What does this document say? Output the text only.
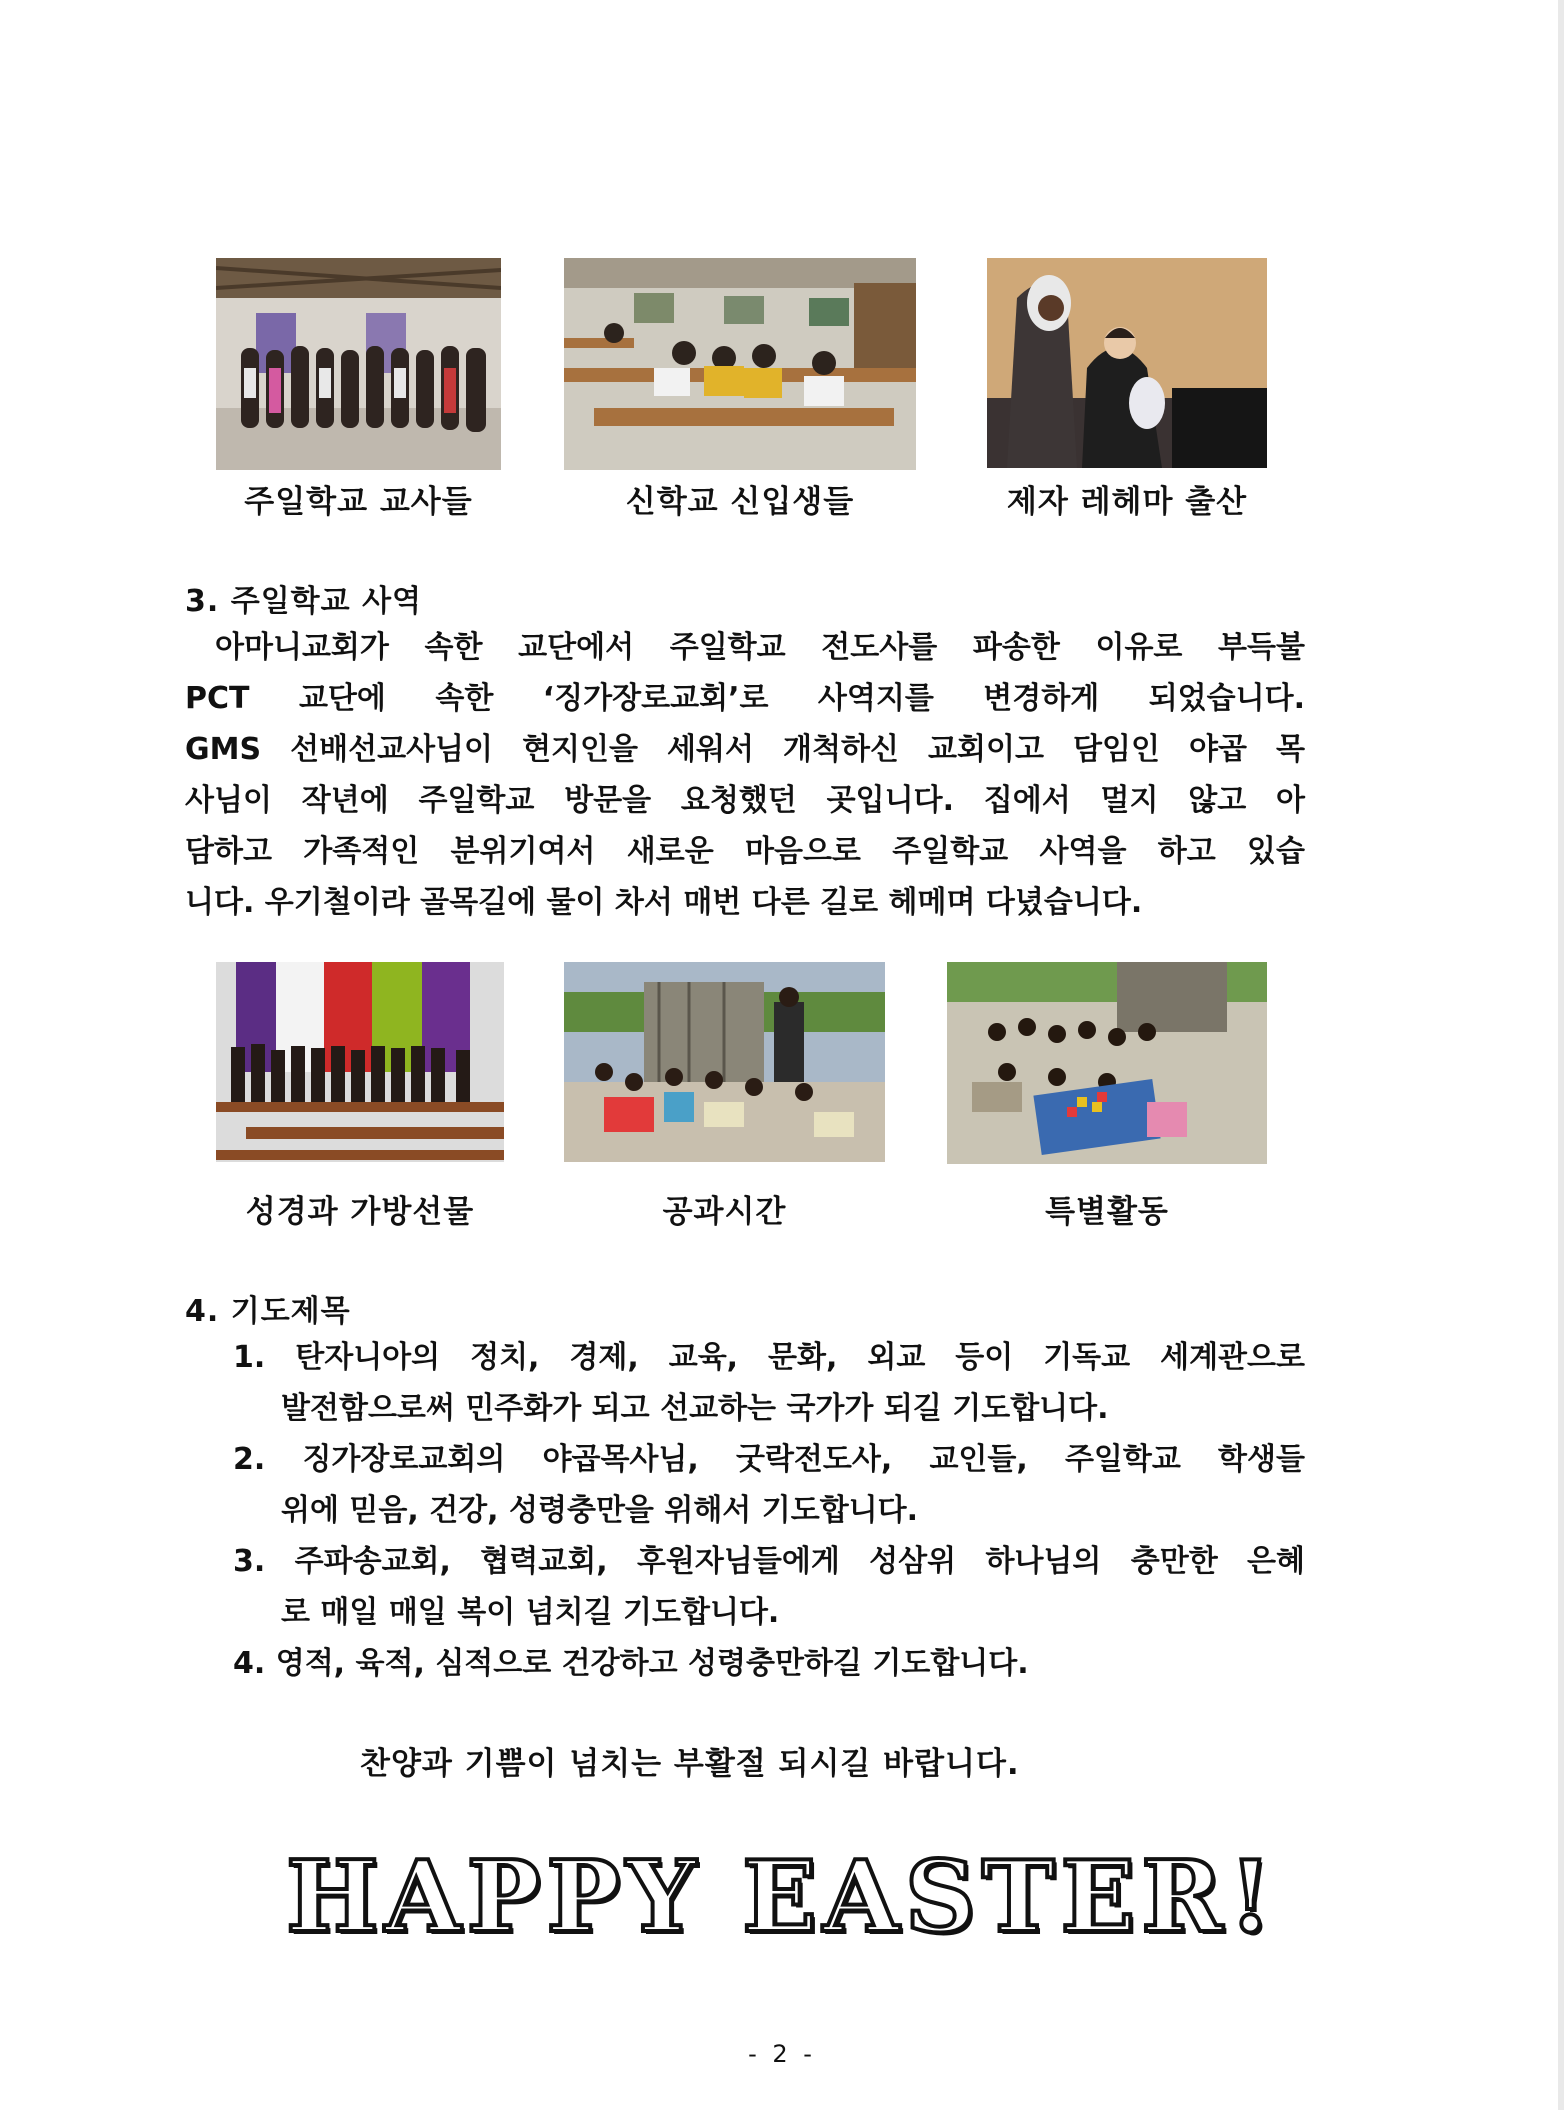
주일학교 교사들	신학교 신입생들	제자 레헤마 출산
3. 주일학교 사역
아마니교회가 속한 교단에서 주일학교 전도사를 파송한 이유로 부득불
PCT 교단에 속한 ‘징가장로교회’로 사역지를 변경하게 되었습니다.
GMS 선배선교사님이 현지인을 세워서 개척하신 교회이고 담임인 야곱 목
사님이 작년에 주일학교 방문을 요청했던 곳입니다. 집에서 멀지 않고 아
담하고 가족적인 분위기여서 새로운 마음으로 주일학교 사역을 하고 있습
니다. 우기철이라 골목길에 물이 차서 매번 다른 길로 헤메며 다녔습니다.
성경과 가방선물	공과시간	특별활동
4. 기도제목
1. 탄자니아의 정치, 경제, 교육, 문화, 외교 등이 기독교 세계관으로
발전함으로써 민주화가 되고 선교하는 국가가 되길 기도합니다.
2. 징가장로교회의 야곱목사님, 굿락전도사, 교인들, 주일학교 학생들
위에 믿음, 건강, 성령충만을 위해서 기도합니다.
3. 주파송교회, 협력교회, 후원자님들에게 성삼위 하나님의 충만한 은혜
로 매일 매일 복이 넘치길 기도합니다.
4. 영적, 육적, 심적으로 건강하고 성령충만하길 기도합니다.
찬양과 기쁨이 넘치는 부활절 되시길 바랍니다.
HAPPY EASTER!
- 2 -
